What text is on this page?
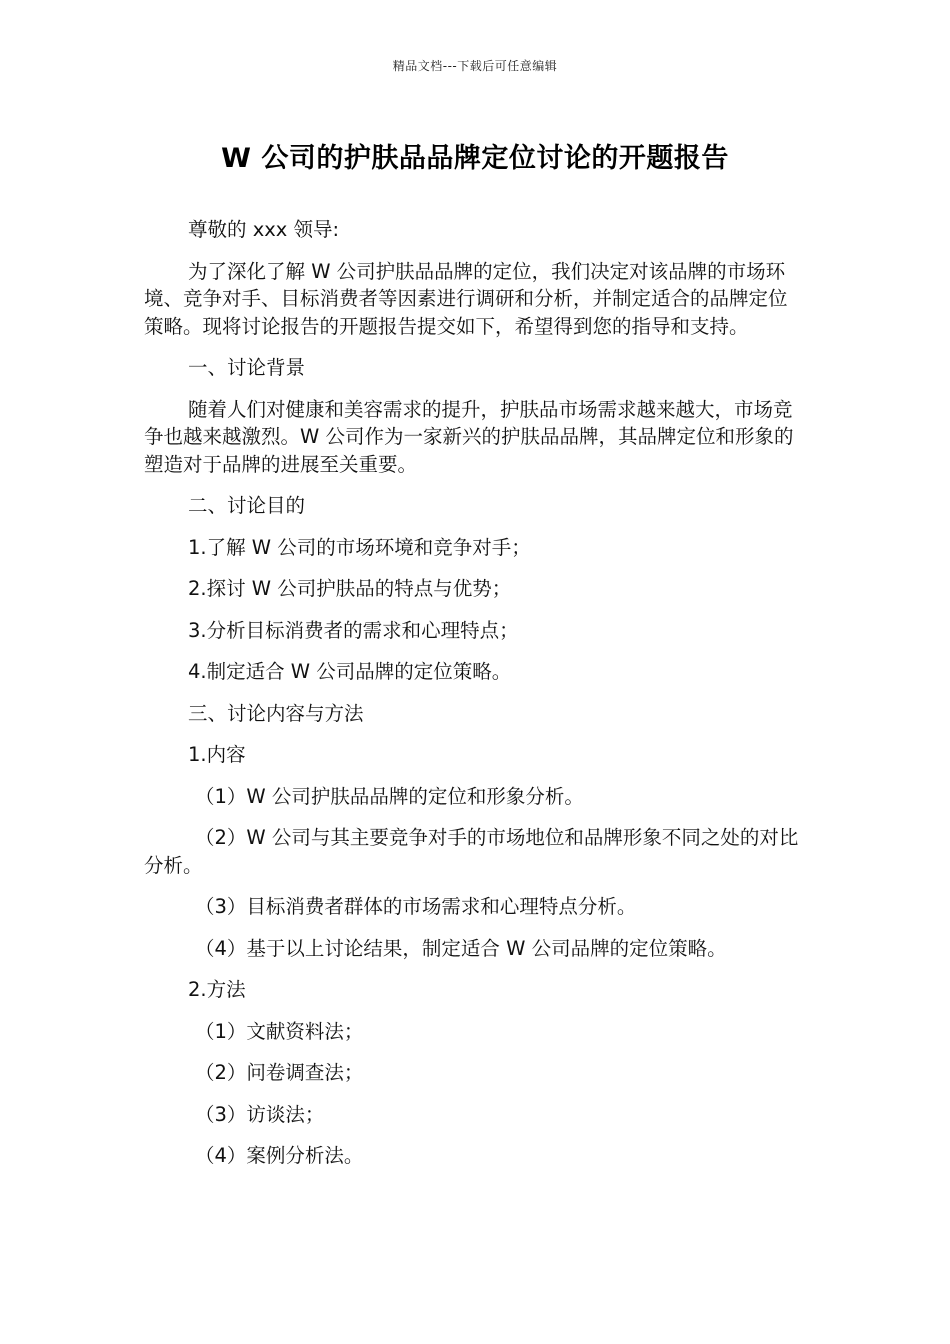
精品文档---下载后可任意编辑
W 公司的护肤品品牌定位讨论的开题报告

尊敬的 xxx 领导:

为了深化了解 W 公司护肤品品牌的定位，我们决定对该品牌的市场环境、竞争对手、目标消费者等因素进行调研和分析，并制定适合的品牌定位策略。现将讨论报告的开题报告提交如下，希望得到您的指导和支持。

一、讨论背景

随着人们对健康和美容需求的提升，护肤品市场需求越来越大，市场竞争也越来越激烈。W 公司作为一家新兴的护肤品品牌，其品牌定位和形象的塑造对于品牌的进展至关重要。

二、讨论目的

1.了解 W 公司的市场环境和竞争对手；

2.探讨 W 公司护肤品的特点与优势；

3.分析目标消费者的需求和心理特点；

4.制定适合 W 公司品牌的定位策略。

三、讨论内容与方法

1.内容

（1）W 公司护肤品品牌的定位和形象分析。

（2）W 公司与其主要竞争对手的市场地位和品牌形象不同之处的对比分析。

（3）目标消费者群体的市场需求和心理特点分析。

（4）基于以上讨论结果，制定适合 W 公司品牌的定位策略。

2.方法

（1）文献资料法；

（2）问卷调查法；

（3）访谈法；

（4）案例分析法。
